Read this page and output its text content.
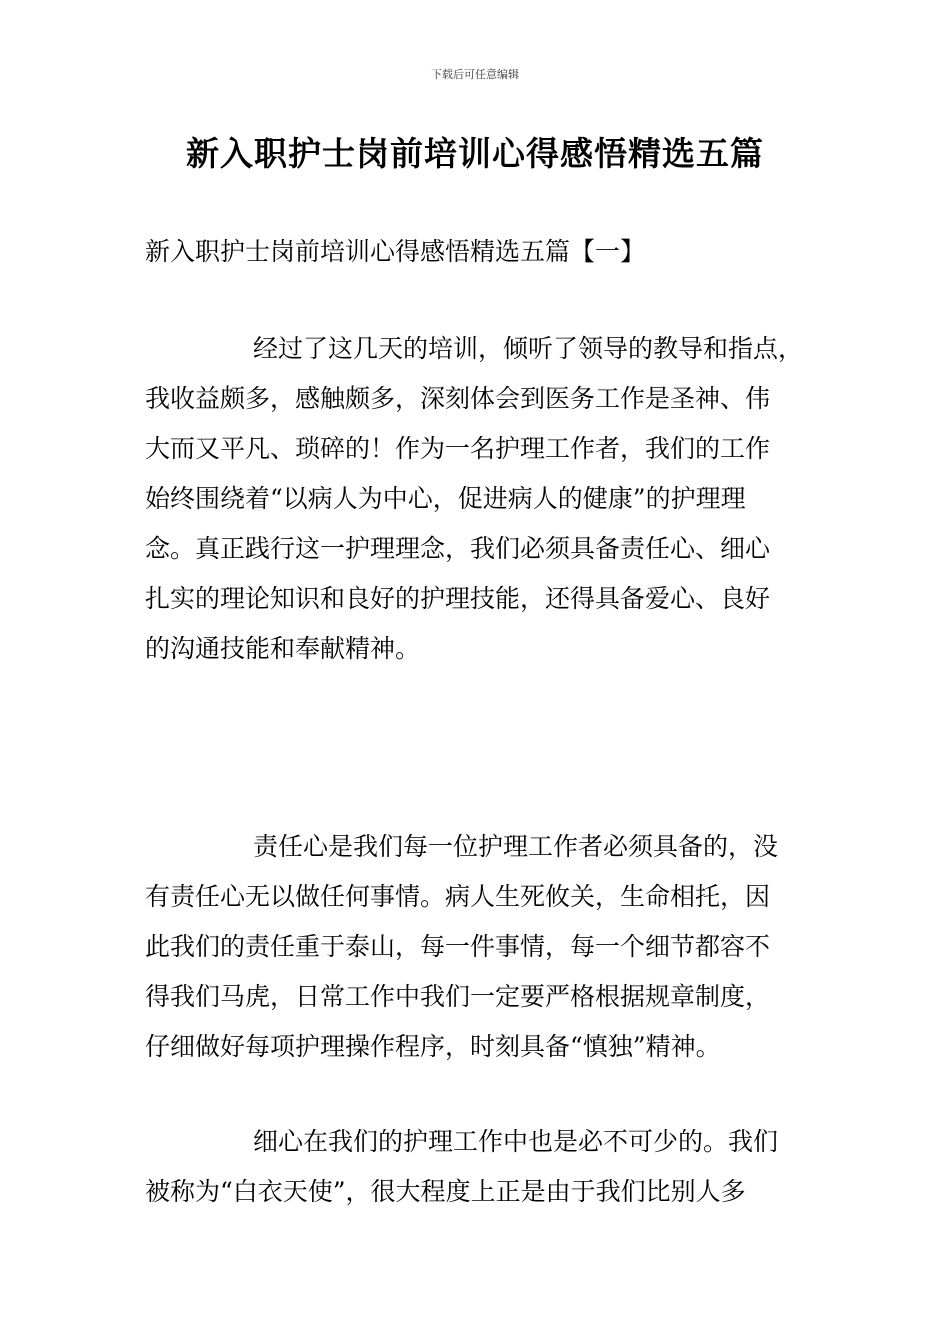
下载后可任意编辑
新入职护士岗前培训心得感悟精选五篇
新入职护士岗前培训心得感悟精选五篇【一】

经过了这几天的培训，倾听了领导的教导和指点，
我收益颇多，感触颇多，深刻体会到医务工作是圣神、伟
大而又平凡、琐碎的！作为一名护理工作者，我们的工作
始终围绕着“以病人为中心，促进病人的健康”的护理理
念。真正践行这一护理理念，我们必须具备责任心、细心
扎实的理论知识和良好的护理技能，还得具备爱心、良好
的沟通技能和奉献精神。

责任心是我们每一位护理工作者必须具备的，没
有责任心无以做任何事情。病人生死攸关，生命相托，因
此我们的责任重于泰山，每一件事情，每一个细节都容不
得我们马虎，日常工作中我们一定要严格根据规章制度，
仔细做好每项护理操作程序，时刻具备“慎独”精神。

细心在我们的护理工作中也是必不可少的。我们
被称为“白衣天使”，很大程度上正是由于我们比别人多
